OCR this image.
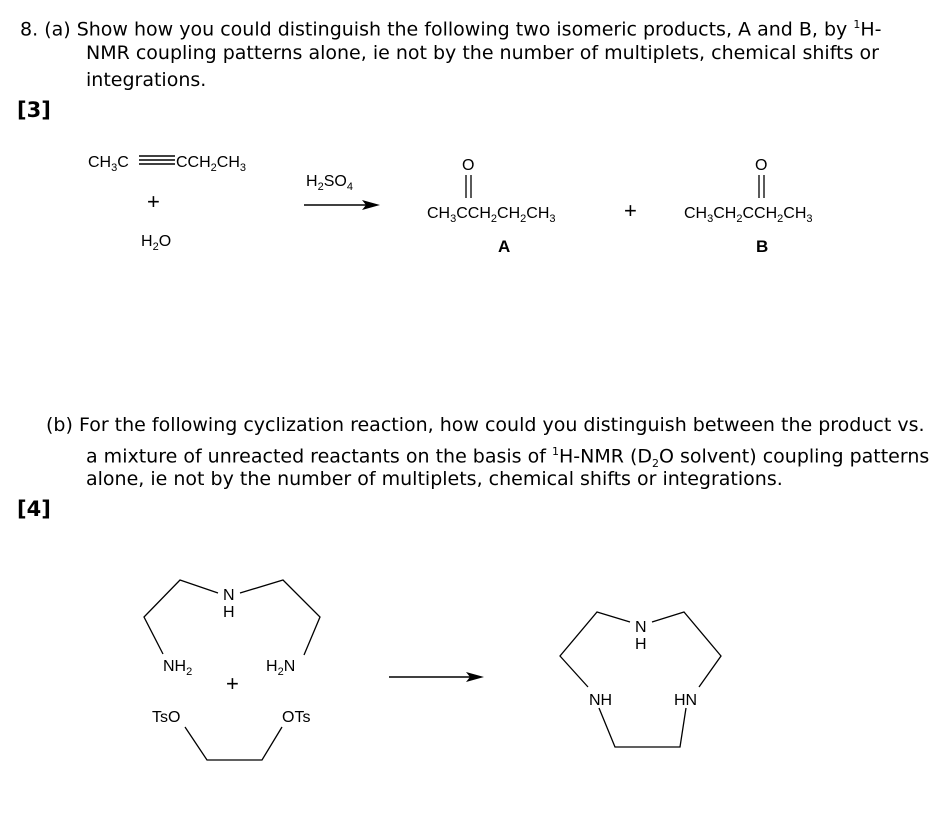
8. (a) Show how you could distinguish the following two isomeric products, A and B, by $^1$H-
NMR coupling patterns alone, ie not by the number of multiplets, chemical shifts or
integrations.
[3]
(b) For the following cyclization reaction, how could you distinguish between the product vs.
a mixture of unreacted reactants on the basis of $^1$H-NMR ($D_2O$ solvent) coupling patterns
alone, ie not by the number of multiplets, chemical shifts or integrations.
[4]
$CH_3C$	$CCH_2CH_3$
+
$H_2O$
$H_2SO_4$
O
$CH_3CCH_2CH_2CH_3$
A
+
O
$CH_3CH_2CCH_2CH_3$
B
N
H
$NH_2$	$H_2N$
+
TsO	OTs
N
H
NH	HN
